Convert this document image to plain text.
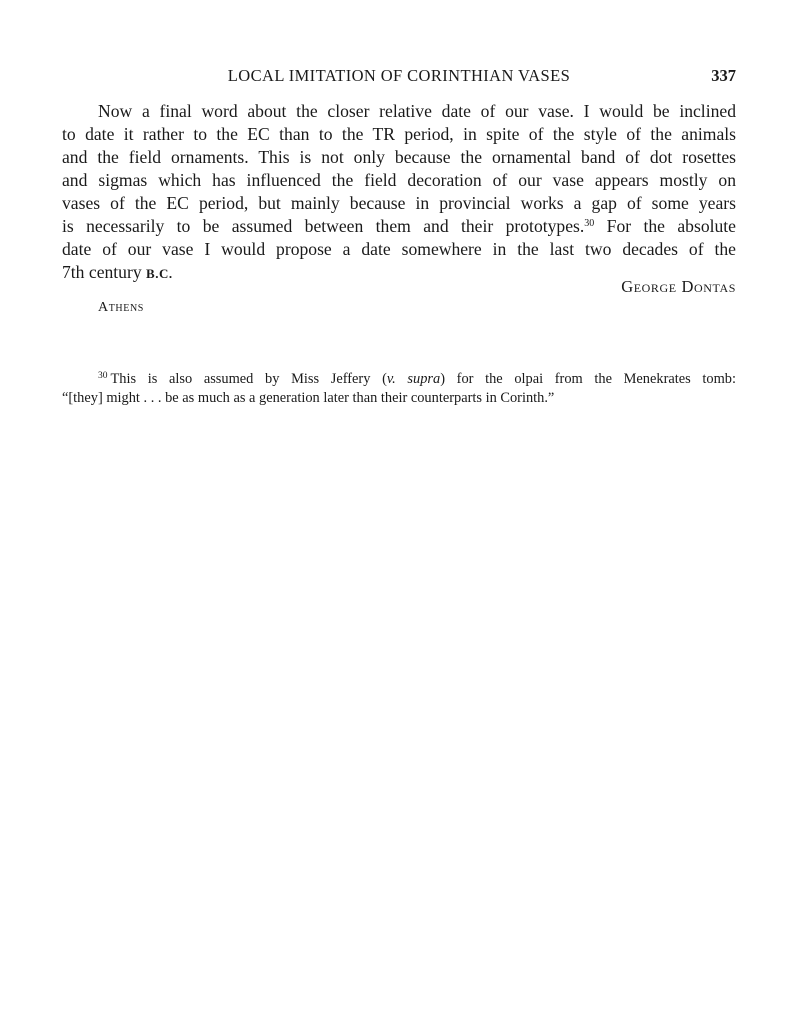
LOCAL IMITATION OF CORINTHIAN VASES	337
Now a final word about the closer relative date of our vase. I would be inclined
to date it rather to the EC than to the TR period, in spite of the style of the animals
and the field ornaments. This is not only because the ornamental band of dot rosettes
and sigmas which has influenced the field decoration of our vase appears mostly on
vases of the EC period, but mainly because in provincial works a gap of some years
is necessarily to be assumed between them and their prototypes.$^{30}$ For the absolute
date of our vase I would propose a date somewhere in the last two decades of the
7th century B.C.
George Dontas
Athens
$^{30}$ This is also assumed by Miss Jeffery (v. supra) for the olpai from the Menekrates tomb:
“[they] might . . . be as much as a generation later than their counterparts in Corinth.”
